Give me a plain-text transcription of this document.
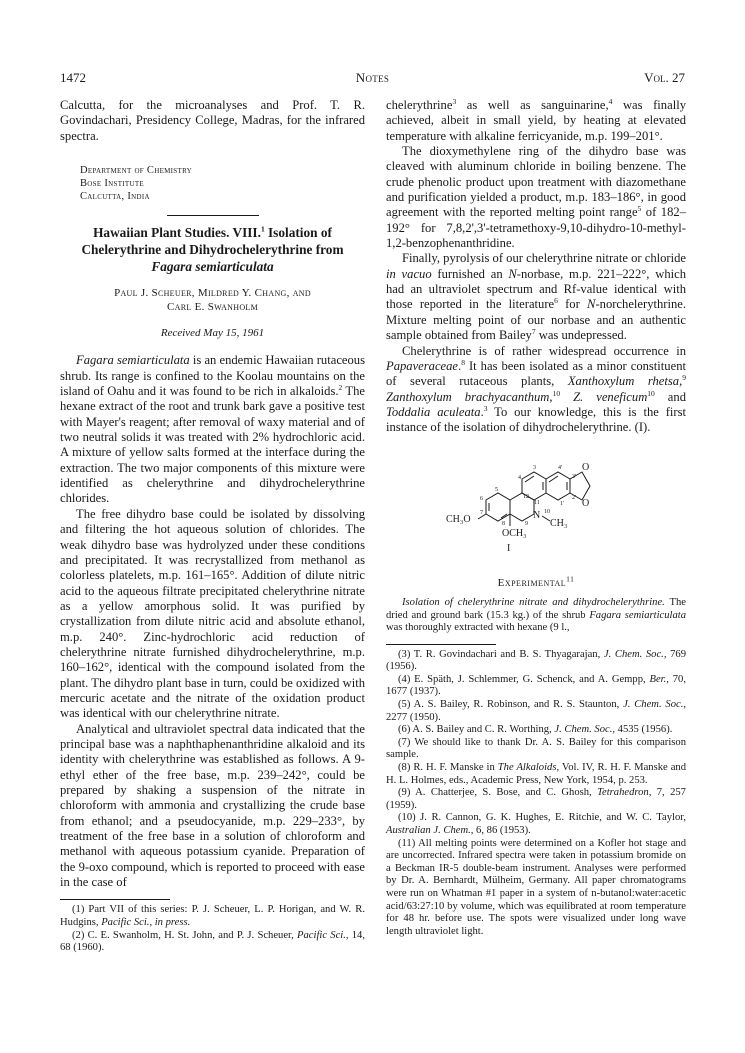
1472	Notes	Vol. 27

Calcutta, for the microanalyses and Prof. T. R. Govindachari, Presidency College, Madras, for the infrared spectra.

Department of Chemistry
Bose Institute
Calcutta, India
Hawaiian Plant Studies. VIII.$^1$ Isolation of Chelerythrine and Dihydrochelerythrine from Fagara semiarticulata
Paul J. Scheuer, Mildred Y. Chang, and
Carl E. Swanholm
Received May 15, 1961

Fagara semiarticulata is an endemic Hawaiian rutaceous shrub. Its range is confined to the Koolau mountains on the island of Oahu and it was found to be rich in alkaloids.$^2$ The hexane extract of the root and trunk bark gave a positive test with Mayer's reagent; after removal of waxy material and of two neutral solids it was treated with 2% hydrochloric acid. A mixture of yellow salts formed at the interface during the extraction. The two major components of this mixture were identified as chelerythrine and dihydrochelerythrine chlorides.

The free dihydro base could be isolated by dissolving and filtering the hot aqueous solution of chlorides. The weak dihydro base was hydrolyzed under these conditions and precipitated. It was recrystallized from methanol as colorless platelets, m.p. 161–165°. Addition of dilute nitric acid to the aqueous filtrate precipitated chelerythrine nitrate as a yellow amorphous solid. It was purified by crystallization from dilute nitric acid and absolute ethanol, m.p. 240°. Zinc-hydrochloric acid reduction of chelerythrine nitrate furnished dihydrochelerythrine, m.p. 160–162°, identical with the compound isolated from the plant. The dihydro plant base in turn, could be oxidized with mercuric acetate and the nitrate of the oxidation product was identical with our chelerythrine nitrate.

Analytical and ultraviolet spectral data indicated that the principal base was a naphthaphenanthridine alkaloid and its identity with chelerythrine was established as follows. A 9-ethyl ether of the free base, m.p. 239–242°, could be prepared by shaking a suspension of the nitrate in chloroform with ammonia and crystallizing the crude base from ethanol; and a pseudocyanide, m.p. 229–233°, by treatment of the free base in a solution of chloroform and methanol with aqueous potassium cyanide. Preparation of the 9-oxo compound, which is reported to proceed with ease in the case of

(1) Part VII of this series: P. J. Scheuer, L. P. Horigan, and W. R. Hudgins, Pacific Sci., in press.

(2) C. E. Swanholm, H. St. John, and P. J. Scheuer, Pacific Sci., 14, 68 (1960).

chelerythrine$^3$ as well as sanguinarine,$^4$ was finally achieved, albeit in small yield, by heating at elevated temperature with alkaline ferricyanide, m.p. 199–201°.

The dioxymethylene ring of the dihydro base was cleaved with aluminum chloride in boiling benzene. The crude phenolic product upon treatment with diazomethane and purification yielded a product, m.p. 183–186°, in good agreement with the reported melting point range$^5$ of 182–192° for 7,8,2',3'-tetramethoxy-9,10-dihydro-10-methyl-1,2-benzophenanthridine.

Finally, pyrolysis of our chelerythrine nitrate or chloride in vacuo furnished an N-norbase, m.p. 221–222°, which had an ultraviolet spectrum and Rf-value identical with those reported in the literature$^6$ for N-norchelerythrine. Mixture melting point of our norbase and an authentic sample obtained from Bailey$^7$ was undepressed.

Chelerythrine is of rather widespread occurrence in Papaveraceae.$^8$ It has been isolated as a minor constituent of several rutaceous plants, Xanthoxylum rhetsa,$^9$ Zanthoxylum brachyacanthum,$^{10}$ Z. veneficum$^{10}$ and Toddalia aculeata.$^3$ To our knowledge, this is the first instance of the isolation of dihydrochelerythrine. (I).

CH₃O
OCH₃
CH₃
N
O
O
I
3
4
5
6
7
8	9
10
11
12
1'
2'
3'
4'
Experimental$^{11}$

Isolation of chelerythrine nitrate and dihydrochelerythrine. The dried and ground bark (15.3 kg.) of the shrub Fagara semiarticulata was thoroughly extracted with hexane (9 l.,

(3) T. R. Govindachari and B. S. Thyagarajan, J. Chem. Soc., 769 (1956).

(4) E. Späth, J. Schlemmer, G. Schenck, and A. Gempp, Ber., 70, 1677 (1937).

(5) A. S. Bailey, R. Robinson, and R. S. Staunton, J. Chem. Soc., 2277 (1950).

(6) A. S. Bailey and C. R. Worthing, J. Chem. Soc., 4535 (1956).

(7) We should like to thank Dr. A. S. Bailey for this comparison sample.

(8) R. H. F. Manske in The Alkaloids, Vol. IV, R. H. F. Manske and H. L. Holmes, eds., Academic Press, New York, 1954, p. 253.

(9) A. Chatterjee, S. Bose, and C. Ghosh, Tetrahedron, 7, 257 (1959).

(10) J. R. Cannon, G. K. Hughes, E. Ritchie, and W. C. Taylor, Australian J. Chem., 6, 86 (1953).

(11) All melting points were determined on a Kofler hot stage and are uncorrected. Infrared spectra were taken in potassium bromide on a Beckman IR-5 double-beam instrument. Analyses were performed by Dr. A. Bernhardt, Mülheim, Germany. All paper chromatograms were run on Whatman #1 paper in a system of n-butanol:water:acetic acid/63:27:10 by volume, which was equilibrated at room temperature for 48 hr. before use. The spots were visualized under long wave length ultraviolet light.
